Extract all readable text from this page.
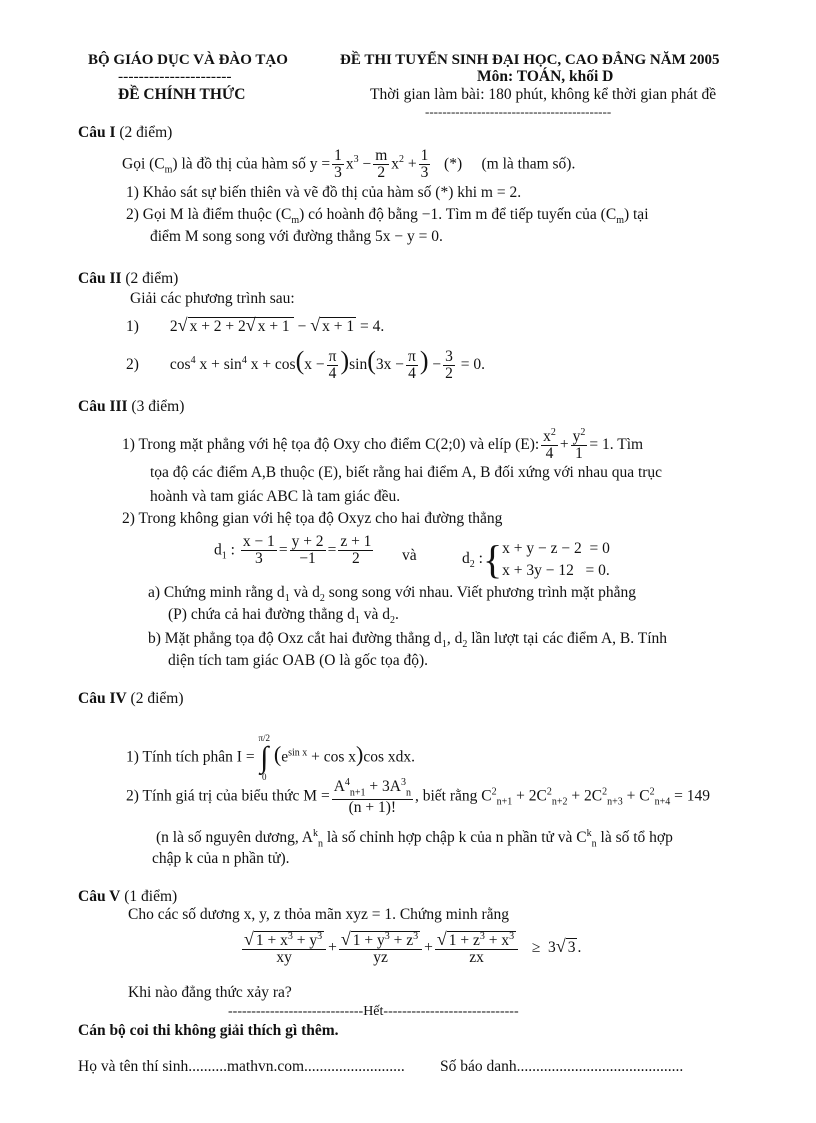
BỘ GIÁO DỤC VÀ ĐÀO TẠO
----------------------
ĐỀ CHÍNH THỨC
ĐỀ THI TUYỂN SINH ĐẠI HỌC, CAO ĐẲNG NĂM 2005
Môn: TOÁN, khối D
Thời gian làm bài: 180 phút, không kể thời gian phát đề
-------------------------------------------
Câu I (2 điểm)
Gọi $(C_m)$ là đồ thị của hàm số $y = \frac{1}{3} x^3 - \frac{m}{2} x^2 + \frac{1}{3}$ (*)     (m là tham số).
1) Khảo sát sự biến thiên và vẽ đồ thị của hàm số (*) khi m = 2.
2) Gọi M là điểm thuộc $(C_m)$ có hoành độ bằng −1. Tìm m để tiếp tuyến của $(C_m)$ tại
điểm M song song với đường thẳng 5x − y = 0.
Câu II (2 điểm)
Giải các phương trình sau:
1)        2√ x + 2 + 2√ x + 1 − √ x + 1 = 4.
2)        $\cos^4 x + \sin^4 x + \cos(x - \frac{\pi}{4} )\sin(3x - \frac{\pi}{4}$ ) − $\frac{3}{2} = 0$.
Câu III (3 điểm)
1) Trong mặt phẳng với hệ tọa độ Oxy cho điểm C(2;0) và elíp (E): $\frac{x^2}{4} + \frac{y^2}{1} = 1$. Tìm
tọa độ các điểm A,B thuộc (E), biết rằng hai điểm A, B đối xứng với nhau qua trục
hoành và tam giác ABC là tam giác đều.
2) Trong không gian với hệ tọa độ Oxyz cho hai đường thẳng
$d_1$ : $\frac{x - 1}{3} = \frac{y + 2}{-1} = \frac{z + 1}{2}$ và	$d_2$ :{x + y − z − 2  = 0
x + 3y − 12   = 0.
a) Chứng minh rằng $d_1$ và $d_2$ song song với nhau. Viết phương trình mặt phẳng
(P) chứa cả hai đường thẳng $d_1$ và $d_2$.
b) Mặt phẳng tọa độ Oxz cắt hai đường thẳng $d_1$, $d_2$ lần lượt tại các điểm A, B. Tính
diện tích tam giác OAB (O là gốc tọa độ).
Câu IV (2 điểm)
1) Tính tích phân I =
π/2
∫
0
$(e^{sin x} + \cos x)\cos$ xdx.
2) Tính giá trị của biểu thức $M = \frac{A^4_{n+1} + 3A^3_n}{(n + 1)!}$ , biết rằng $C^2_{n+1} + 2C^2_{n+2} + 2C^2_{n+3} + C^2_{n+4} = 149$
(n là số nguyên dương, $A^k_n$ là số chỉnh hợp chập k của n phần tử và $C^k_n$ là số tổ hợp
chập k của n phần tử).
Câu V (1 điểm)
Cho các số dương x, y, z thỏa mãn xyz = 1. Chứng minh rằng
$\frac{√ 1 + x^3 + y^3}{xy} + \frac{√ 1 + y^3 + z^3}{yz} + \frac{√ 1 + z^3 + x^3}{zx} \ge 3√$ 3 .
Khi nào đẳng thức xảy ra?
-----------------------------Hết-----------------------------
Cán bộ coi thi không giải thích gì thêm.
Họ và tên thí sinh..........mathvn.com.......................... Số báo danh...........................................
